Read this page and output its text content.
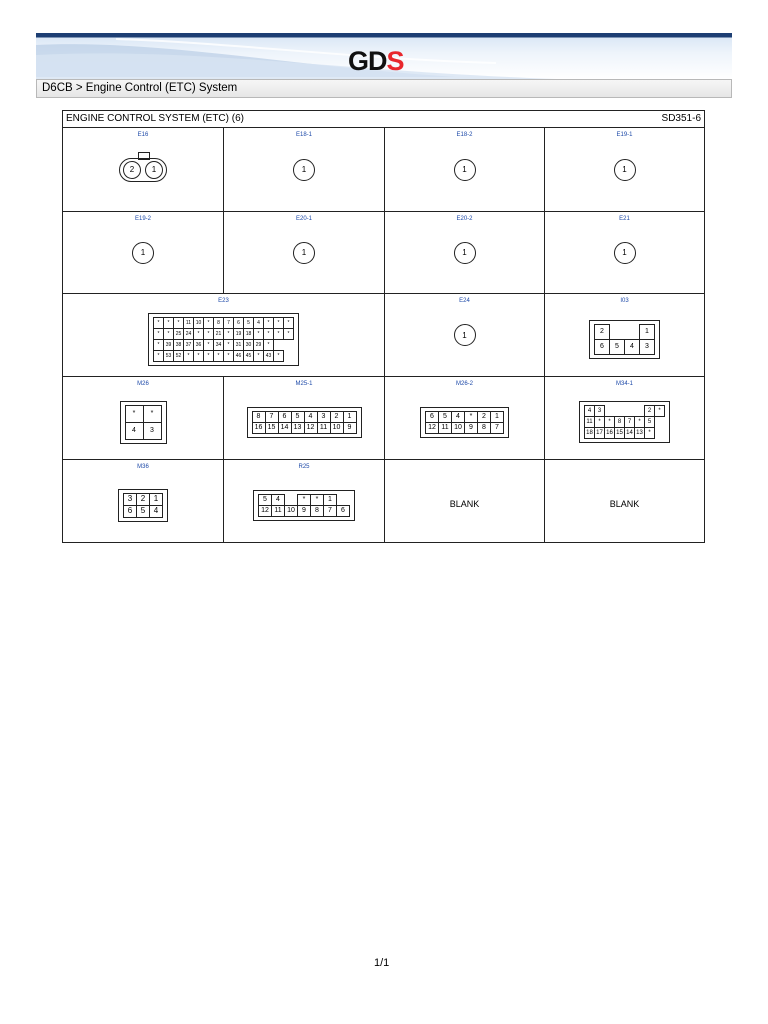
GDS
D6CB > Engine Control (ETC) System
ENGINE CONTROL SYSTEM (ETC) (6)	SD351-6
E16
2	1
E18-1
1
E18-2
1
E19-1
1
E19-2
1
E20-1
1
E20-2
1
E21
1
E23
*	*	*	11	10	*	8	7	6	5	4	*	*	*
*	*	25	24	*	*	21	*	19	18	*	*	*	*
*	39	38	37	36	*	34	*	31	30	29	*		
*	53	52	*	*	*	*	*	46	45	*	43	*	
E24
1
I03
2			1
6	5	4	3
M26
*	*
4	3
M25-1
8	7	6	5	4	3	2	1
16	15	14	13	12	11	10	9
M26-2
6	5	4	*	2	1
12	11	10	9	8	7
M34-1
4	3					2	*
11	*	*	8	7	*	5	
18	17	16	15	14	13	*	
M36
3	2	1
6	5	4
R25
5	4		*	*	1	
12	11	10	9	8	7	6
BLANK	BLANK
1/1
